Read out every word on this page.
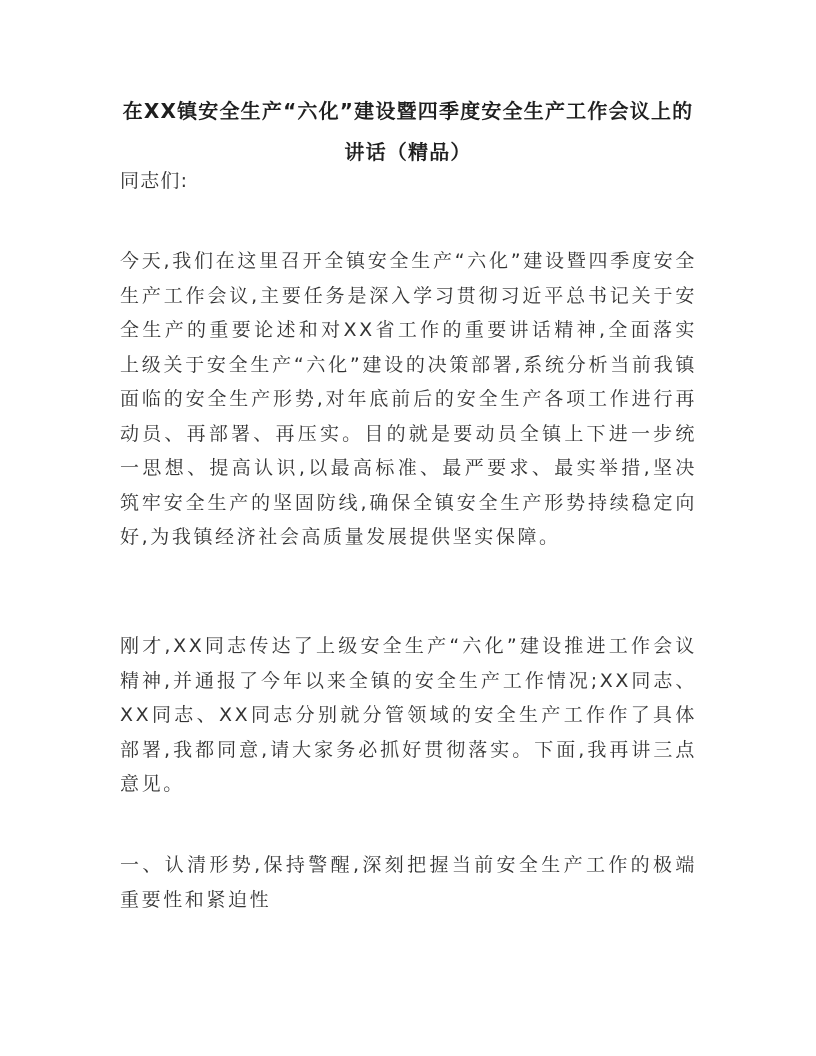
在XX镇安全生产“六化”建设暨四季度安全生产工作会议上的讲话（精品）

同志们:

今天,我们在这里召开全镇安全生产“六化”建设暨四季度安全生产工作会议,主要任务是深入学习贯彻习近平总书记关于安全生产的重要论述和对XX省工作的重要讲话精神,全面落实上级关于安全生产“六化”建设的决策部署,系统分析当前我镇面临的安全生产形势,对年底前后的安全生产各项工作进行再动员、再部署、再压实。目的就是要动员全镇上下进一步统一思想、提高认识,以最高标准、最严要求、最实举措,坚决筑牢安全生产的坚固防线,确保全镇安全生产形势持续稳定向好,为我镇经济社会高质量发展提供坚实保障。

刚才,XX同志传达了上级安全生产“六化”建设推进工作会议精神,并通报了今年以来全镇的安全生产工作情况;XX同志、XX同志、XX同志分别就分管领域的安全生产工作作了具体部署,我都同意,请大家务必抓好贯彻落实。下面,我再讲三点意见。

一、认清形势,保持警醒,深刻把握当前安全生产工作的极端重要性和紧迫性
